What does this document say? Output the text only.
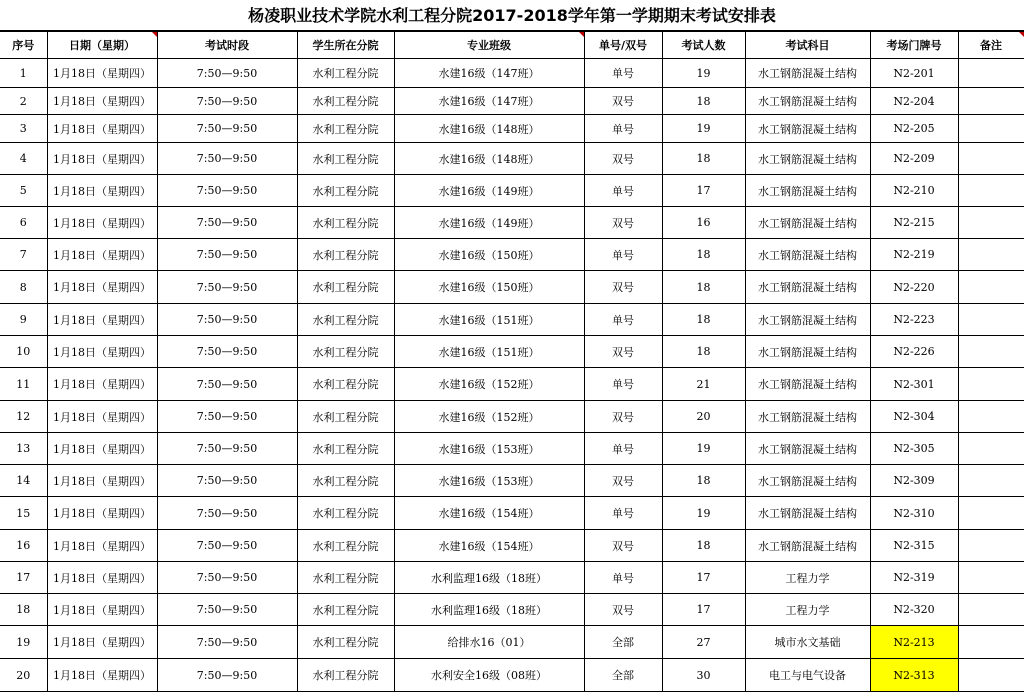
杨凌职业技术学院水利工程分院2017-2018学年第一学期期末考试安排表
序号	日期（星期）	考试时段	学生所在分院	专业班级	单号/双号	考试人数	考试科目	考场门牌号	备注
1	1月18日（星期四）	7:50—9:50	水利工程分院	水建16级（147班）	单号	19	水工钢筋混凝土结构	N2-201	
2	1月18日（星期四）	7:50—9:50	水利工程分院	水建16级（147班）	双号	18	水工钢筋混凝土结构	N2-204	
3	1月18日（星期四）	7:50—9:50	水利工程分院	水建16级（148班）	单号	19	水工钢筋混凝土结构	N2-205	
4	1月18日（星期四）	7:50—9:50	水利工程分院	水建16级（148班）	双号	18	水工钢筋混凝土结构	N2-209	
5	1月18日（星期四）	7:50—9:50	水利工程分院	水建16级（149班）	单号	17	水工钢筋混凝土结构	N2-210	
6	1月18日（星期四）	7:50—9:50	水利工程分院	水建16级（149班）	双号	16	水工钢筋混凝土结构	N2-215	
7	1月18日（星期四）	7:50—9:50	水利工程分院	水建16级（150班）	单号	18	水工钢筋混凝土结构	N2-219	
8	1月18日（星期四）	7:50—9:50	水利工程分院	水建16级（150班）	双号	18	水工钢筋混凝土结构	N2-220	
9	1月18日（星期四）	7:50—9:50	水利工程分院	水建16级（151班）	单号	18	水工钢筋混凝土结构	N2-223	
10	1月18日（星期四）	7:50—9:50	水利工程分院	水建16级（151班）	双号	18	水工钢筋混凝土结构	N2-226	
11	1月18日（星期四）	7:50—9:50	水利工程分院	水建16级（152班）	单号	21	水工钢筋混凝土结构	N2-301	
12	1月18日（星期四）	7:50—9:50	水利工程分院	水建16级（152班）	双号	20	水工钢筋混凝土结构	N2-304	
13	1月18日（星期四）	7:50—9:50	水利工程分院	水建16级（153班）	单号	19	水工钢筋混凝土结构	N2-305	
14	1月18日（星期四）	7:50—9:50	水利工程分院	水建16级（153班）	双号	18	水工钢筋混凝土结构	N2-309	
15	1月18日（星期四）	7:50—9:50	水利工程分院	水建16级（154班）	单号	19	水工钢筋混凝土结构	N2-310	
16	1月18日（星期四）	7:50—9:50	水利工程分院	水建16级（154班）	双号	18	水工钢筋混凝土结构	N2-315	
17	1月18日（星期四）	7:50—9:50	水利工程分院	水利监理16级（18班）	单号	17	工程力学	N2-319	
18	1月18日（星期四）	7:50—9:50	水利工程分院	水利监理16级（18班）	双号	17	工程力学	N2-320	
19	1月18日（星期四）	7:50—9:50	水利工程分院	给排水16（01）	全部	27	城市水文基础	N2-213	
20	1月18日（星期四）	7:50—9:50	水利工程分院	水利安全16级（08班）	全部	30	电工与电气设备	N2-313	
